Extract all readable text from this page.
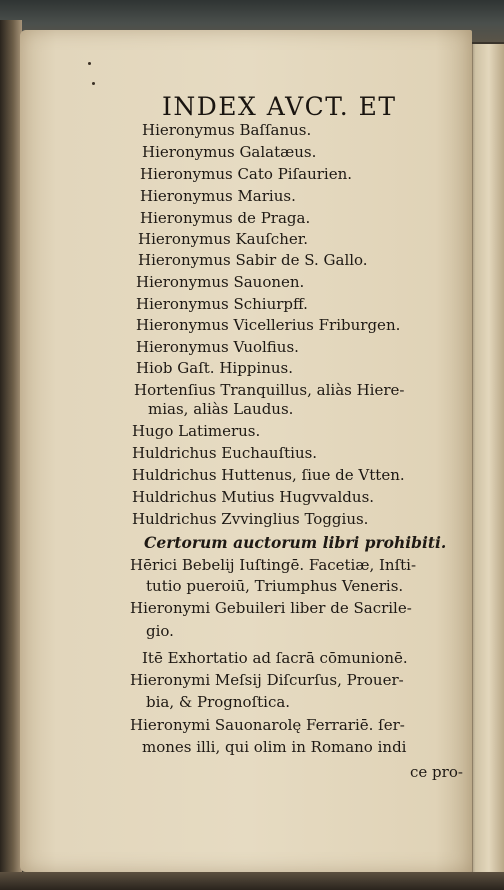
INDEX AVCT. ET
Hieronymus Baſſanus.
Hieronymus Galatæus.
Hieronymus Cato Piſaurien.
Hieronymus Marius.
Hieronymus de Praga.
Hieronymus Kauſcher.
Hieronymus Sabir de S. Gallo.
Hieronymus Sauonen.
Hieronymus Schiurpff.
Hieronymus Vicellerius Friburgen.
Hieronymus Vuolfius.
Hiob Gaſt. Hippinus.
Hortenſius Tranquillus, aliàs Hiere-
mias, aliàs Laudus.
Hugo Latimerus.
Huldrichus Euchauſtius.
Huldrichus Huttenus, ſiue de Vtten.
Huldrichus Mutius Hugvvaldus.
Huldrichus Zvvinglius Toggius.
Certorum auctorum libri prohibiti.
Hērici Bebelij Iuſtingē. Facetiæ, Inſti-
tutio pueroiū, Triumphus Veneris.
Hieronymi Gebuileri liber de Sacrile-
gio.
Itē Exhortatio ad ſacrā cōmunionē.
Hieronymi Meſsij Diſcurſus, Prouer-
bia, & Prognoſtica.
Hieronymi Sauonarolę Ferrariē. ſer-
mones illi, qui olim in Romano indi
ce pro-
